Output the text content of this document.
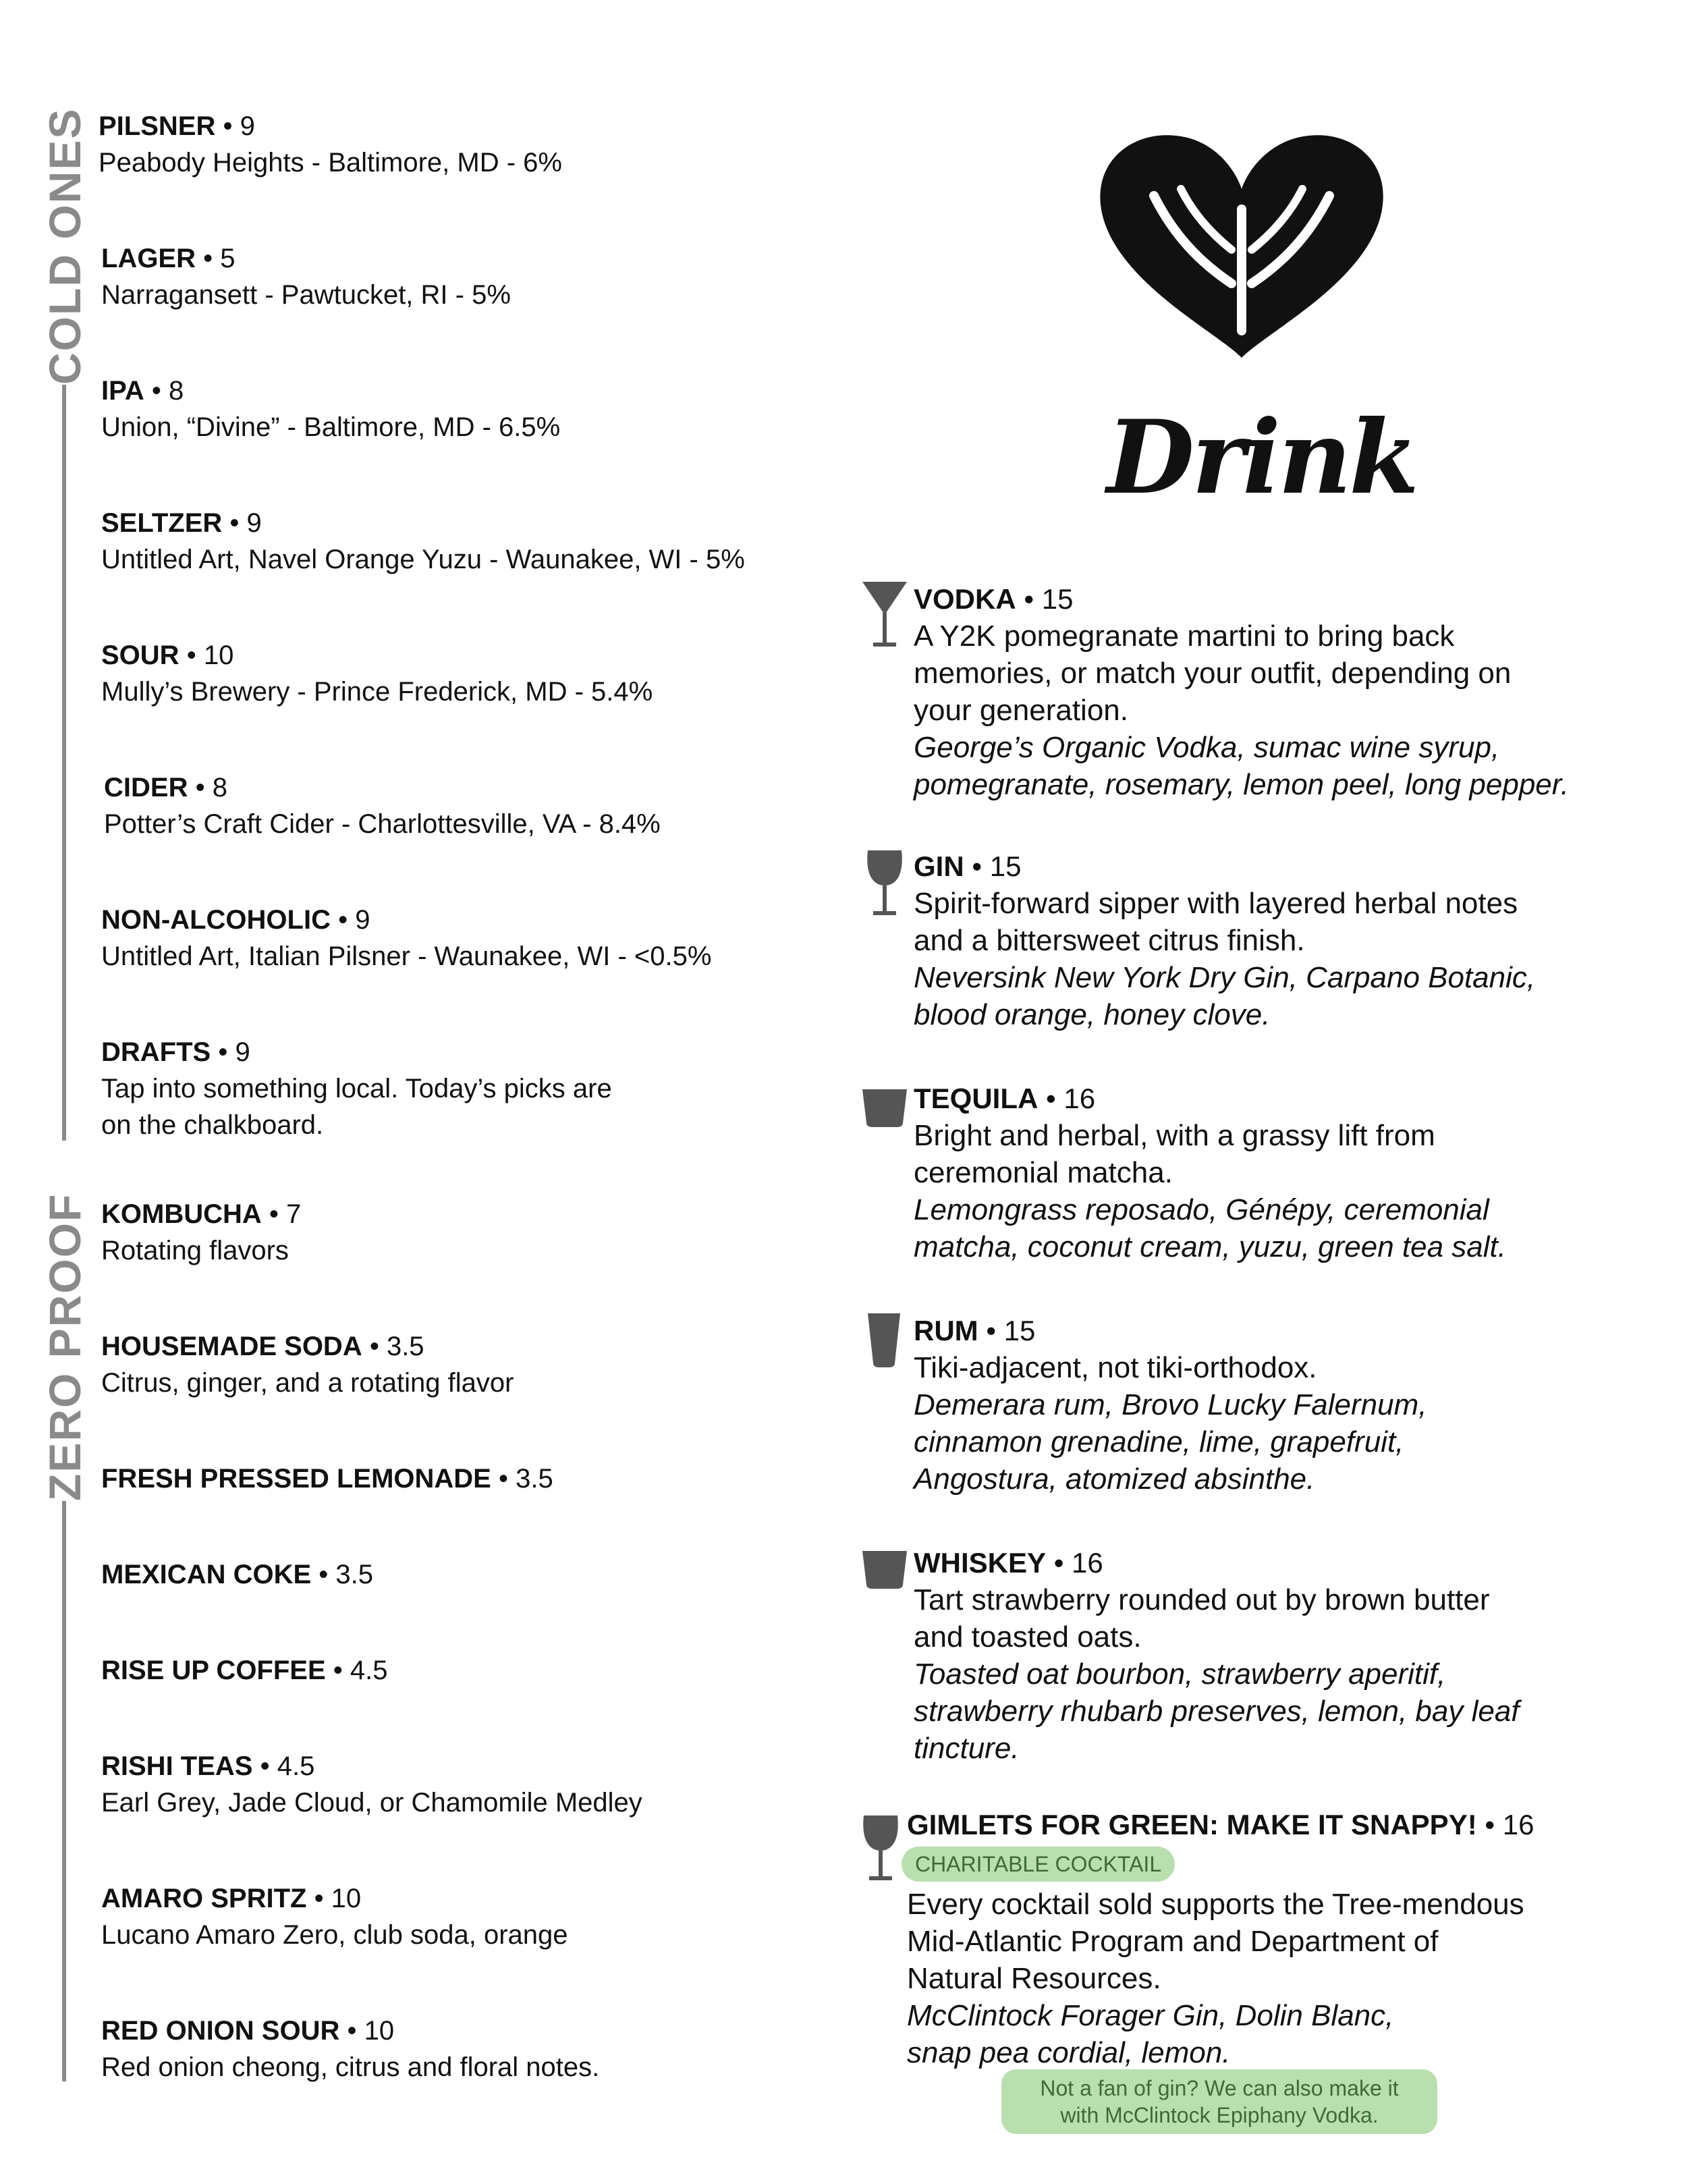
COLD ONES
ZERO PROOF
PILSNER • 9
Peabody Heights - Baltimore, MD - 6%
LAGER • 5
Narragansett - Pawtucket, RI - 5%
IPA • 8
Union, “Divine” - Baltimore, MD - 6.5%
SELTZER • 9
Untitled Art, Navel Orange Yuzu - Waunakee, WI - 5%
SOUR • 10
Mully’s Brewery - Prince Frederick, MD - 5.4%
CIDER • 8
Potter’s Craft Cider - Charlottesville, VA - 8.4%
NON-ALCOHOLIC • 9
Untitled Art, Italian Pilsner - Waunakee, WI - <0.5%
DRAFTS • 9
Tap into something local. Today’s picks are
on the chalkboard.
KOMBUCHA • 7
Rotating flavors
HOUSEMADE SODA • 3.5
Citrus, ginger, and a rotating flavor
FRESH PRESSED LEMONADE • 3.5
MEXICAN COKE • 3.5
RISE UP COFFEE • 4.5
RISHI TEAS • 4.5
Earl Grey, Jade Cloud, or Chamomile Medley
AMARO SPRITZ • 10
Lucano Amaro Zero, club soda, orange
RED ONION SOUR • 10
Red onion cheong, citrus and floral notes.
Drink
VODKA • 15
A Y2K pomegranate martini to bring back
memories, or match your outfit, depending on
your generation.
George’s Organic Vodka, sumac wine syrup,
pomegranate, rosemary, lemon peel, long pepper.
GIN • 15
Spirit-forward sipper with layered herbal notes
and a bittersweet citrus finish.
Neversink New York Dry Gin, Carpano Botanic,
blood orange, honey clove.
TEQUILA • 16
Bright and herbal, with a grassy lift from
ceremonial matcha.
Lemongrass reposado, Génépy, ceremonial
matcha, coconut cream, yuzu, green tea salt.
RUM • 15
Tiki-adjacent, not tiki-orthodox.
Demerara rum, Brovo Lucky Falernum,
cinnamon grenadine, lime, grapefruit,
Angostura, atomized absinthe.
WHISKEY • 16
Tart strawberry rounded out by brown butter
and toasted oats.
Toasted oat bourbon, strawberry aperitif,
strawberry rhubarb preserves, lemon, bay leaf
tincture.
GIMLETS FOR GREEN: MAKE IT SNAPPY! • 16
CHARITABLE COCKTAIL
Every cocktail sold supports the Tree-mendous
Mid-Atlantic Program and Department of
Natural Resources.
McClintock Forager Gin, Dolin Blanc,
snap pea cordial, lemon.
Not a fan of gin? We can also make it
with McClintock Epiphany Vodka.
